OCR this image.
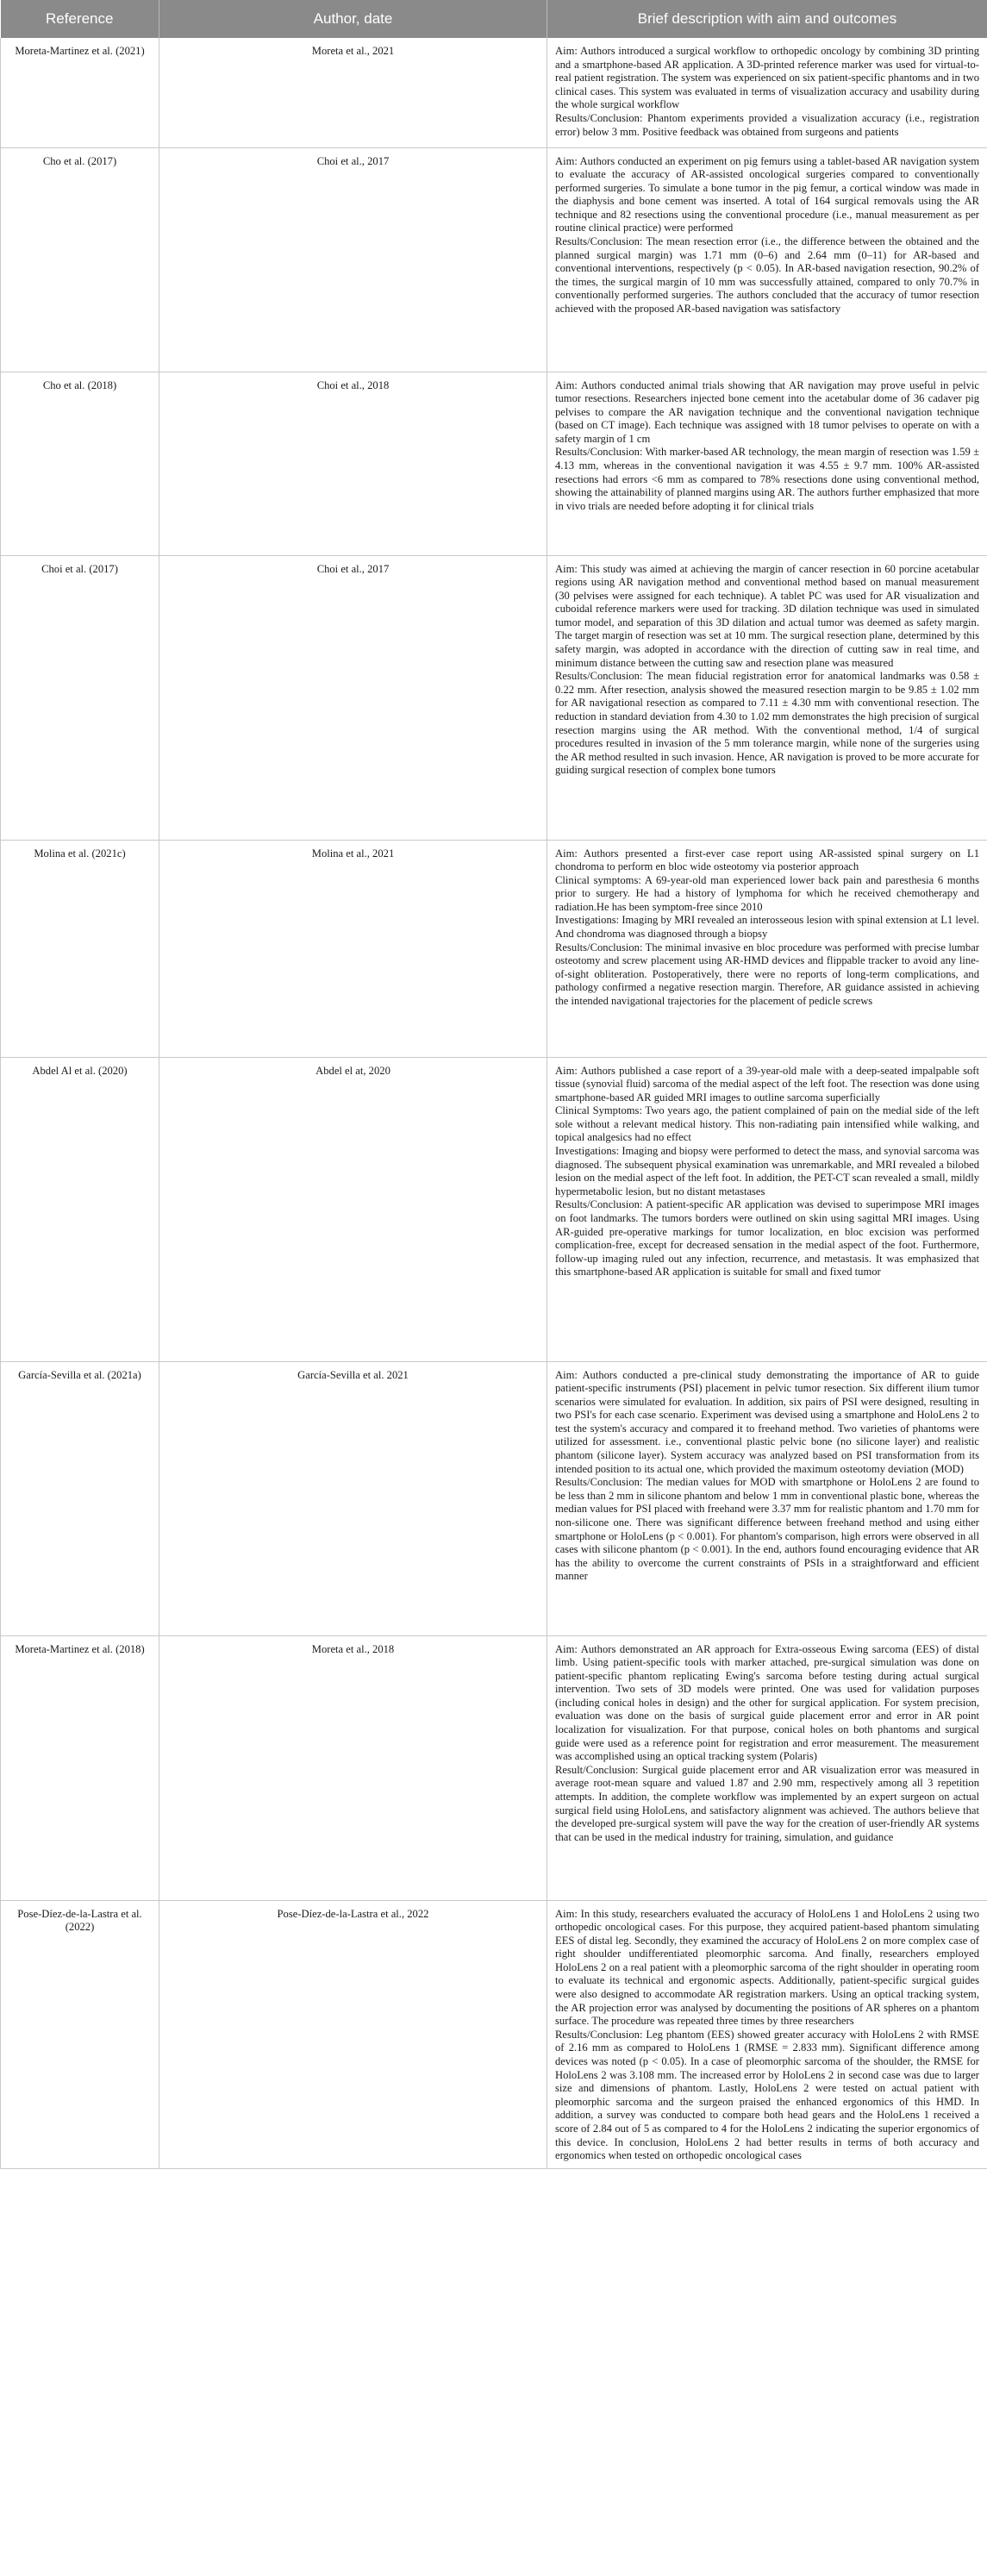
Reference	Author, date	Brief description with aim and outcomes
Moreta-Martinez et al. (2021)	Moreta et al., 2021	Aim: Authors introduced a surgical workflow to orthopedic oncology by combining 3D printing and a smartphone-based AR application. A 3D-printed reference marker was used for virtual-to-real patient registration. The system was experienced on six patient-specific phantoms and in two clinical cases. This system was evaluated in terms of visualization accuracy and usability during the whole surgical workflow
Results/Conclusion: Phantom experiments provided a visualization accuracy (i.e., registration error) below 3 mm. Positive feedback was obtained from surgeons and patients

Cho et al. (2017)	Choi et al., 2017	Aim: Authors conducted an experiment on pig femurs using a tablet-based AR navigation system to evaluate the accuracy of AR-assisted oncological surgeries compared to conventionally performed surgeries. To simulate a bone tumor in the pig femur, a cortical window was made in the diaphysis and bone cement was inserted. A total of 164 surgical removals using the AR technique and 82 resections using the conventional procedure (i.e., manual measurement as per routine clinical practice) were performed
Results/Conclusion: The mean resection error (i.e., the difference between the obtained and the planned surgical margin) was 1.71 mm (0–6) and 2.64 mm (0–11) for AR-based and conventional interventions, respectively (p < 0.05). In AR-based navigation resection, 90.2% of the times, the surgical margin of 10 mm was successfully attained, compared to only 70.7% in conventionally performed surgeries. The authors concluded that the accuracy of tumor resection achieved with the proposed AR-based navigation was satisfactory

Cho et al. (2018)	Choi et al., 2018	Aim: Authors conducted animal trials showing that AR navigation may prove useful in pelvic tumor resections. Researchers injected bone cement into the acetabular dome of 36 cadaver pig pelvises to compare the AR navigation technique and the conventional navigation technique (based on CT image). Each technique was assigned with 18 tumor pelvises to operate on with a safety margin of 1 cm
Results/Conclusion: With marker-based AR technology, the mean margin of resection was 1.59 ± 4.13 mm, whereas in the conventional navigation it was 4.55 ± 9.7 mm. 100% AR-assisted resections had errors <6 mm as compared to 78% resections done using conventional method, showing the attainability of planned margins using AR. The authors further emphasized that more in vivo trials are needed before adopting it for clinical trials

Choi et al. (2017)	Choi et al., 2017	Aim: This study was aimed at achieving the margin of cancer resection in 60 porcine acetabular regions using AR navigation method and conventional method based on manual measurement (30 pelvises were assigned for each technique). A tablet PC was used for AR visualization and cuboidal reference markers were used for tracking. 3D dilation technique was used in simulated tumor model, and separation of this 3D dilation and actual tumor was deemed as safety margin. The target margin of resection was set at 10 mm. The surgical resection plane, determined by this safety margin, was adopted in accordance with the direction of cutting saw in real time, and minimum distance between the cutting saw and resection plane was measured
Results/Conclusion: The mean fiducial registration error for anatomical landmarks was 0.58 ± 0.22 mm. After resection, analysis showed the measured resection margin to be 9.85 ± 1.02 mm for AR navigational resection as compared to 7.11 ± 4.30 mm with conventional resection. The reduction in standard deviation from 4.30 to 1.02 mm demonstrates the high precision of surgical resection margins using the AR method. With the conventional method, 1/4 of surgical procedures resulted in invasion of the 5 mm tolerance margin, while none of the surgeries using the AR method resulted in such invasion. Hence, AR navigation is proved to be more accurate for guiding surgical resection of complex bone tumors

Molina et al. (2021c)	Molina et al., 2021	Aim: Authors presented a first-ever case report using AR-assisted spinal surgery on L1 chondroma to perform en bloc wide osteotomy via posterior approach
Clinical symptoms: A 69-year-old man experienced lower back pain and paresthesia 6 months prior to surgery. He had a history of lymphoma for which he received chemotherapy and radiation.He has been symptom-free since 2010
Investigations: Imaging by MRI revealed an interosseous lesion with spinal extension at L1 level. And chondroma was diagnosed through a biopsy
Results/Conclusion: The minimal invasive en bloc procedure was performed with precise lumbar osteotomy and screw placement using AR-HMD devices and flippable tracker to avoid any line-of-sight obliteration. Postoperatively, there were no reports of long-term complications, and pathology confirmed a negative resection margin. Therefore, AR guidance assisted in achieving the intended navigational trajectories for the placement of pedicle screws

Abdel Al et al. (2020)	Abdel el at, 2020	Aim: Authors published a case report of a 39-year-old male with a deep-seated impalpable soft tissue (synovial fluid) sarcoma of the medial aspect of the left foot. The resection was done using smartphone-based AR guided MRI images to outline sarcoma superficially
Clinical Symptoms: Two years ago, the patient complained of pain on the medial side of the left sole without a relevant medical history. This non-radiating pain intensified while walking, and topical analgesics had no effect
Investigations: Imaging and biopsy were performed to detect the mass, and synovial sarcoma was diagnosed. The subsequent physical examination was unremarkable, and MRI revealed a bilobed lesion on the medial aspect of the left foot. In addition, the PET-CT scan revealed a small, mildly hypermetabolic lesion, but no distant metastases
Results/Conclusion: A patient-specific AR application was devised to superimpose MRI images on foot landmarks. The tumors borders were outlined on skin using sagittal MRI images. Using AR-guided pre-operative markings for tumor localization, en bloc excision was performed complication-free, except for decreased sensation in the medial aspect of the foot. Furthermore, follow-up imaging ruled out any infection, recurrence, and metastasis. It was emphasized that this smartphone-based AR application is suitable for small and fixed tumor

García-Sevilla et al. (2021a)	García-Sevilla et al. 2021	Aim: Authors conducted a pre-clinical study demonstrating the importance of AR to guide patient-specific instruments (PSI) placement in pelvic tumor resection. Six different ilium tumor scenarios were simulated for evaluation. In addition, six pairs of PSI were designed, resulting in two PSI's for each case scenario. Experiment was devised using a smartphone and HoloLens 2 to test the system's accuracy and compared it to freehand method. Two varieties of phantoms were utilized for assessment. i.e., conventional plastic pelvic bone (no silicone layer) and realistic phantom (silicone layer). System accuracy was analyzed based on PSI transformation from its intended position to its actual one, which provided the maximum osteotomy deviation (MOD)
Results/Conclusion: The median values for MOD with smartphone or HoloLens 2 are found to be less than 2 mm in silicone phantom and below 1 mm in conventional plastic bone, whereas the median values for PSI placed with freehand were 3.37 mm for realistic phantom and 1.70 mm for non-silicone one. There was significant difference between freehand method and using either smartphone or HoloLens (p < 0.001). For phantom's comparison, high errors were observed in all cases with silicone phantom (p < 0.001). In the end, authors found encouraging evidence that AR has the ability to overcome the current constraints of PSIs in a straightforward and efficient manner

Moreta-Martinez et al. (2018)	Moreta et al., 2018	Aim: Authors demonstrated an AR approach for Extra-osseous Ewing sarcoma (EES) of distal limb. Using patient-specific tools with marker attached, pre-surgical simulation was done on patient-specific phantom replicating Ewing's sarcoma before testing during actual surgical intervention. Two sets of 3D models were printed. One was used for validation purposes (including conical holes in design) and the other for surgical application. For system precision, evaluation was done on the basis of surgical guide placement error and error in AR point localization for visualization. For that purpose, conical holes on both phantoms and surgical guide were used as a reference point for registration and error measurement. The measurement was accomplished using an optical tracking system (Polaris)
Result/Conclusion: Surgical guide placement error and AR visualization error was measured in average root-mean square and valued 1.87 and 2.90 mm, respectively among all 3 repetition attempts. In addition, the complete workflow was implemented by an expert surgeon on actual surgical field using HoloLens, and satisfactory alignment was achieved. The authors believe that the developed pre-surgical system will pave the way for the creation of user-friendly AR systems that can be used in the medical industry for training, simulation, and guidance

Pose-Díez-de-la-Lastra et al. (2022)	Pose-Díez-de-la-Lastra et al., 2022	Aim: In this study, researchers evaluated the accuracy of HoloLens 1 and HoloLens 2 using two orthopedic oncological cases. For this purpose, they acquired patient-based phantom simulating EES of distal leg. Secondly, they examined the accuracy of HoloLens 2 on more complex case of right shoulder undifferentiated pleomorphic sarcoma. And finally, researchers employed HoloLens 2 on a real patient with a pleomorphic sarcoma of the right shoulder in operating room to evaluate its technical and ergonomic aspects. Additionally, patient-specific surgical guides were also designed to accommodate AR registration markers. Using an optical tracking system, the AR projection error was analysed by documenting the positions of AR spheres on a phantom surface. The procedure was repeated three times by three researchers
Results/Conclusion: Leg phantom (EES) showed greater accuracy with HoloLens 2 with RMSE of 2.16 mm as compared to HoloLens 1 (RMSE = 2.833 mm). Significant difference among devices was noted (p < 0.05). In a case of pleomorphic sarcoma of the shoulder, the RMSE for HoloLens 2 was 3.108 mm. The increased error by HoloLens 2 in second case was due to larger size and dimensions of phantom. Lastly, HoloLens 2 were tested on actual patient with pleomorphic sarcoma and the surgeon praised the enhanced ergonomics of this HMD. In addition, a survey was conducted to compare both head gears and the HoloLens 1 received a score of 2.84 out of 5 as compared to 4 for the HoloLens 2 indicating the superior ergonomics of this device. In conclusion, HoloLens 2 had better results in terms of both accuracy and ergonomics when tested on orthopedic oncological cases
